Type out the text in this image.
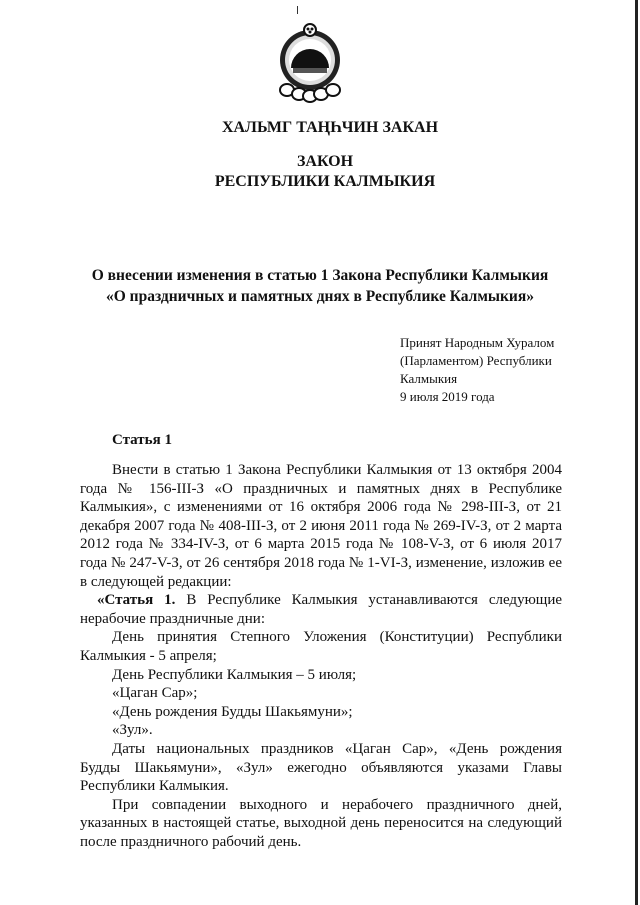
ХАЛЬМГ ТАҢҺЧИН ЗАКАН
ЗАКОН
РЕСПУБЛИКИ КАЛМЫКИЯ
О внесении изменения в статью 1 Закона Республики Калмыкия
«О праздничных и памятных днях в Республике Калмыкия»
Принят Народным Хуралом
(Парламентом) Республики
Калмыкия
9 июля 2019 года
Статья 1
Внести в статью 1 Закона Республики Калмыкия от 13 октября 2004
года № 156-III-З «О праздничных и памятных днях в Республике
Калмыкия», с изменениями от 16 октября 2006 года № 298-III-З, от 21
декабря 2007 года № 408-III-З, от 2 июня 2011 года № 269-IV-З, от 2 марта
2012 года № 334-IV-З, от 6 марта 2015 года № 108-V-З, от 6 июля 2017
года № 247-V-З, от 26 сентября 2018 года № 1-VI-З, изменение, изложив ее
в следующей редакции:
«Статья 1. В Республике Калмыкия устанавливаются следующие
нерабочие праздничные дни:
День принятия Степного Уложения (Конституции) Республики
Калмыкия - 5 апреля;
День Республики Калмыкия – 5 июля;
«Цаган Сар»;
«День рождения Будды Шакьямуни»;
«Зул».
Даты национальных праздников «Цаган Сар», «День рождения
Будды Шакьямуни», «Зул» ежегодно объявляются указами Главы
Республики Калмыкия.
При совпадении выходного и нерабочего праздничного дней,
указанных в настоящей статье, выходной день переносится на следующий
после праздничного рабочий день.
